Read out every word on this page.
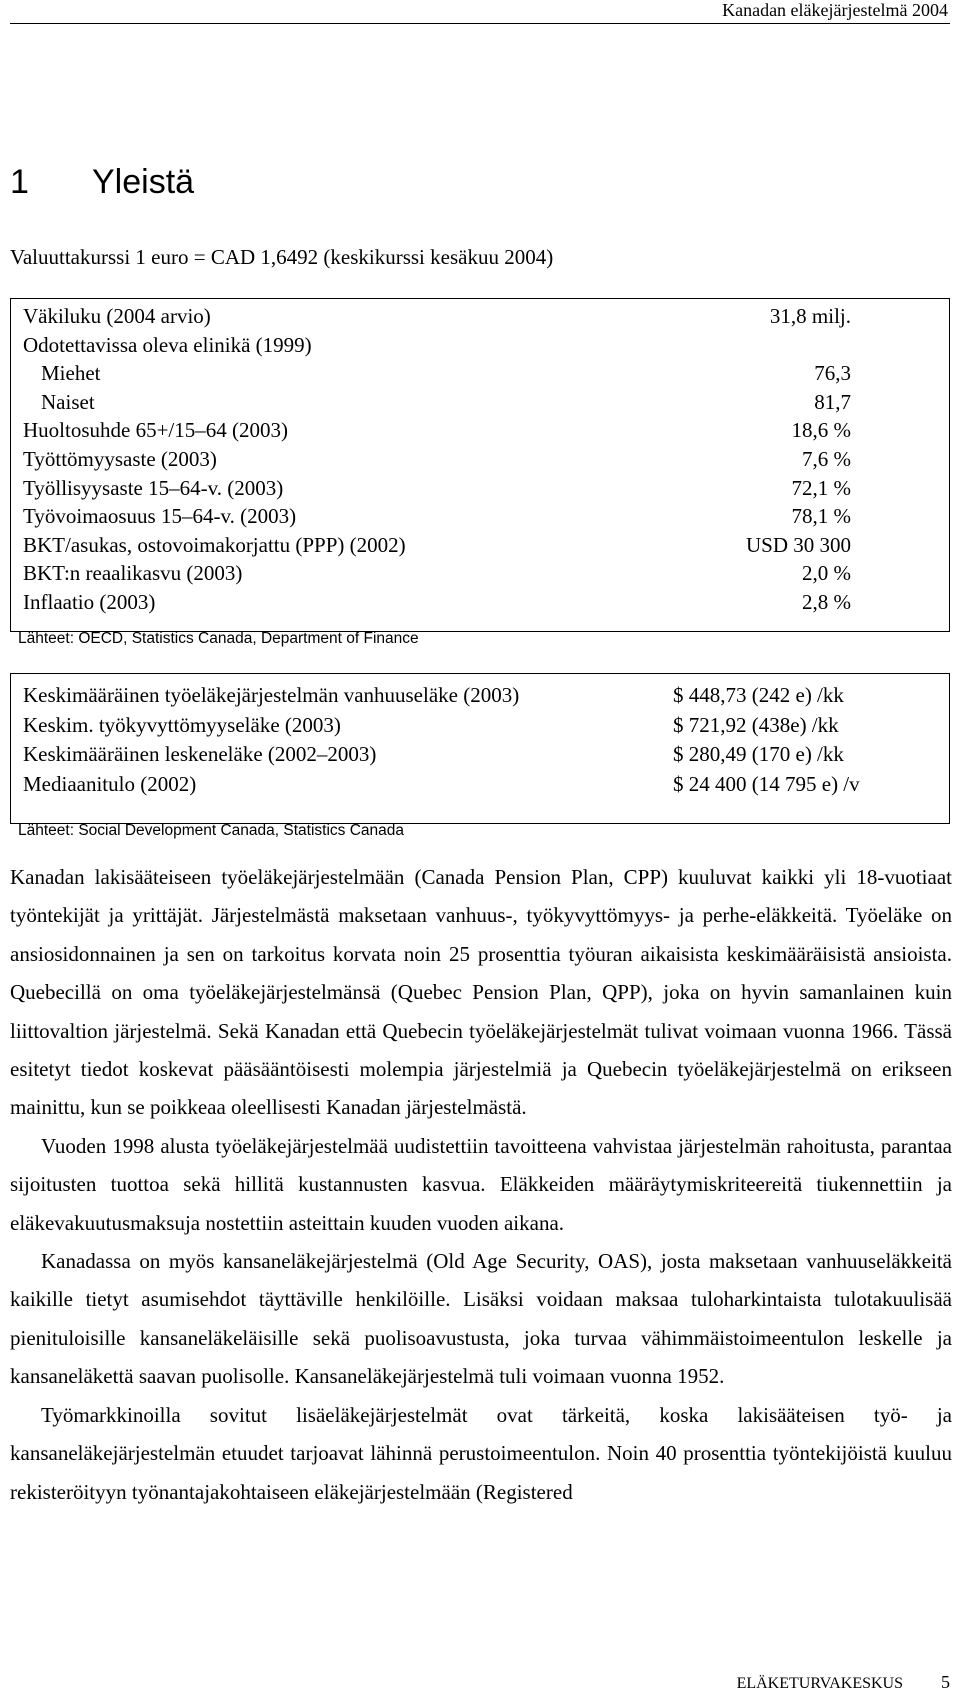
Kanadan eläkejärjestelmä 2004
1 Yleistä
Valuuttakurssi 1 euro = CAD 1,6492 (keskikurssi kesäkuu 2004)
Väkiluku (2004 arvio)	31,8 milj.
Odotettavissa oleva elinikä (1999)
Miehet	76,3
Naiset	81,7
Huoltosuhde 65+/15–64 (2003)	18,6 %
Työttömyysaste (2003)	7,6 %
Työllisyysaste 15–64-v. (2003)	72,1 %
Työvoimaosuus 15–64-v. (2003)	78,1 %
BKT/asukas, ostovoimakorjattu (PPP) (2002)	USD 30 300
BKT:n reaalikasvu (2003)	2,0 %
Inflaatio (2003)	2,8 %
Lähteet: OECD, Statistics Canada, Department of Finance
Keskimääräinen työeläkejärjestelmän vanhuuseläke (2003)	$ 448,73 (242 e) /kk
Keskim. työkyvyttömyyseläke (2003)	$ 721,92 (438e) /kk
Keskimääräinen leskeneläke (2002–2003)	$ 280,49 (170 e) /kk
Mediaanitulo (2002)	$ 24 400 (14 795 e) /v
Lähteet: Social Development Canada, Statistics Canada

Kanadan lakisääteiseen työeläkejärjestelmään (Canada Pension Plan, CPP) kuuluvat kaikki yli 18-vuotiaat työntekijät ja yrittäjät. Järjestelmästä maksetaan vanhuus-, työkyvyttömyys- ja perhe-eläkkeitä. Työeläke on ansiosidonnainen ja sen on tarkoitus korvata noin 25 prosenttia työuran aikaisista keskimääräisistä ansioista. Quebecillä on oma työeläkejärjestelmänsä (Quebec Pension Plan, QPP), joka on hyvin samanlainen kuin liittovaltion järjestelmä. Sekä Kanadan että Quebecin työeläkejärjestelmät tulivat voimaan vuonna 1966. Tässä esitetyt tiedot koskevat pääsääntöisesti molempia järjestelmiä ja Quebecin työeläkejärjestelmä on erikseen mainittu, kun se poikkeaa oleellisesti Kanadan järjestelmästä.

Vuoden 1998 alusta työeläkejärjestelmää uudistettiin tavoitteena vahvistaa järjestelmän rahoitusta, parantaa sijoitusten tuottoa sekä hillitä kustannusten kasvua. Eläkkeiden määräytymiskriteereitä tiukennettiin ja eläkevakuutusmaksuja nostettiin asteittain kuuden vuoden aikana.

Kanadassa on myös kansaneläkejärjestelmä (Old Age Security, OAS), josta maksetaan vanhuuseläkkeitä kaikille tietyt asumisehdot täyttäville henkilöille. Lisäksi voidaan maksaa tuloharkintaista tulotakuulisää pienituloisille kansaneläkeläisille sekä puolisoavustusta, joka turvaa vähimmäistoimeentulon leskelle ja kansaneläkettä saavan puolisolle. Kansaneläkejärjestelmä tuli voimaan vuonna 1952.

Työmarkkinoilla sovitut lisäeläkejärjestelmät ovat tärkeitä, koska lakisääteisen työ- ja kansaneläkejärjestelmän etuudet tarjoavat lähinnä perustoimeentulon. Noin 40 prosenttia työntekijöistä kuuluu rekisteröityyn työnantajakohtaiseen eläkejärjestelmään (Registered

ELÄKETURVAKESKUS 5
